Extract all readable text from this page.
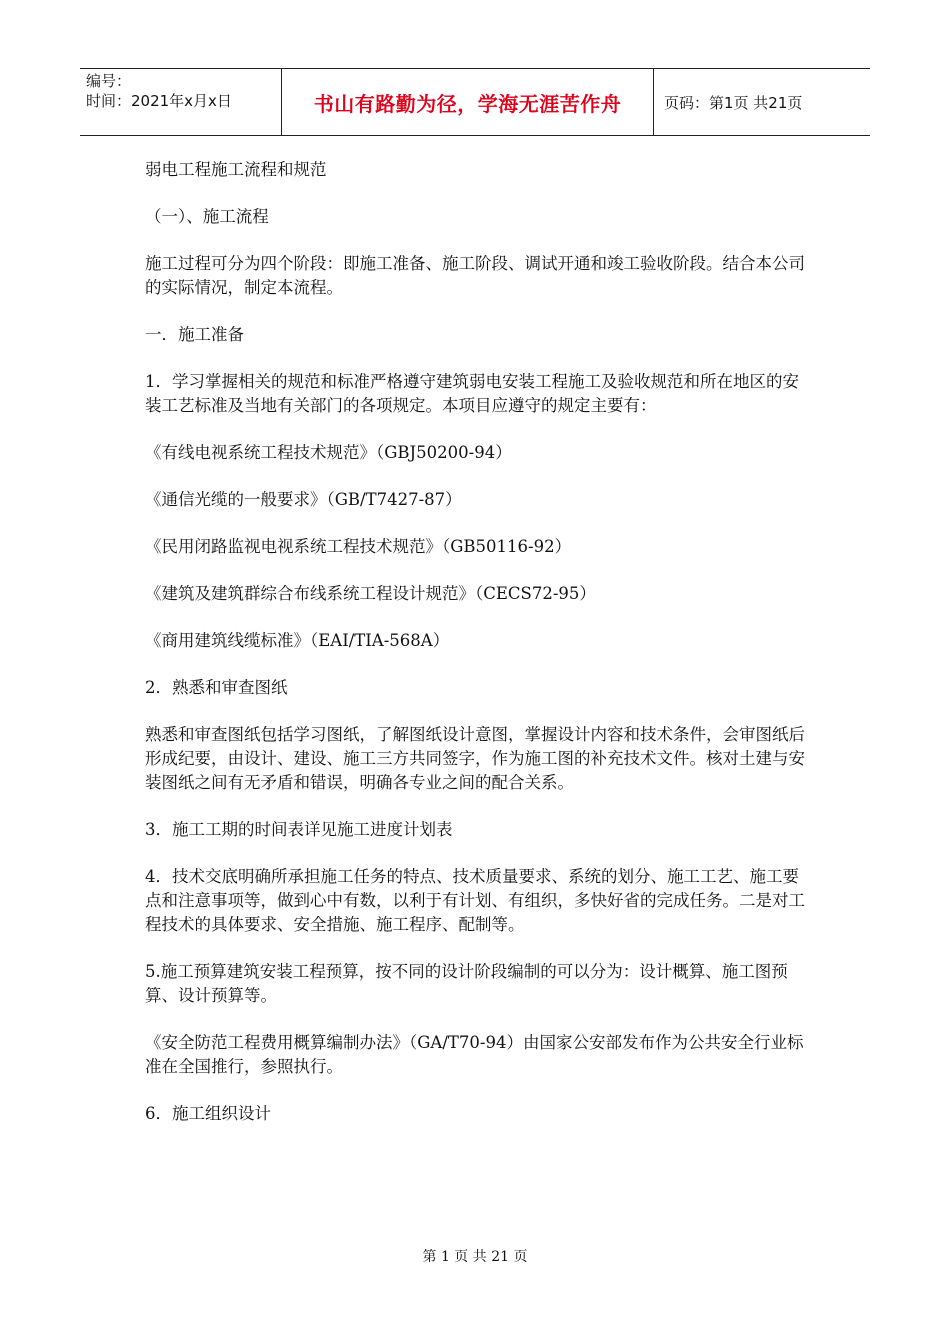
编号：
时间：2021年x月x日	书山有路勤为径，学海无涯苦作舟	页码：第1页 共21页

弱电工程施工流程和规范

（一）、施工流程

施工过程可分为四个阶段：即施工准备、施工阶段、调试开通和竣工验收阶段。结合本公司的实际情况，制定本流程。

一．施工准备

1．学习掌握相关的规范和标准严格遵守建筑弱电安装工程施工及验收规范和所在地区的安装工艺标准及当地有关部门的各项规定。本项目应遵守的规定主要有：

《有线电视系统工程技术规范》（GBJ50200-94）

《通信光缆的一般要求》（GB/T7427-87）

《民用闭路监视电视系统工程技术规范》（GB50116-92）

《建筑及建筑群综合布线系统工程设计规范》（CECS72-95）

《商用建筑线缆标准》（EAI/TIA-568A）

2．熟悉和审查图纸

熟悉和审查图纸包括学习图纸，了解图纸设计意图，掌握设计内容和技术条件，会审图纸后形成纪要，由设计、建设、施工三方共同签字，作为施工图的补充技术文件。核对土建与安装图纸之间有无矛盾和错误，明确各专业之间的配合关系。

3．施工工期的时间表详见施工进度计划表

4．技术交底明确所承担施工任务的特点、技术质量要求、系统的划分、施工工艺、施工要点和注意事项等，做到心中有数，以利于有计划、有组织，多快好省的完成任务。二是对工程技术的具体要求、安全措施、施工程序、配制等。

5.施工预算建筑安装工程预算，按不同的设计阶段编制的可以分为：设计概算、施工图预算、设计预算等。

《安全防范工程费用概算编制办法》（GA/T70-94）由国家公安部发布作为公共安全行业标准在全国推行，参照执行。

6．施工组织设计

第 1 页 共 21 页
